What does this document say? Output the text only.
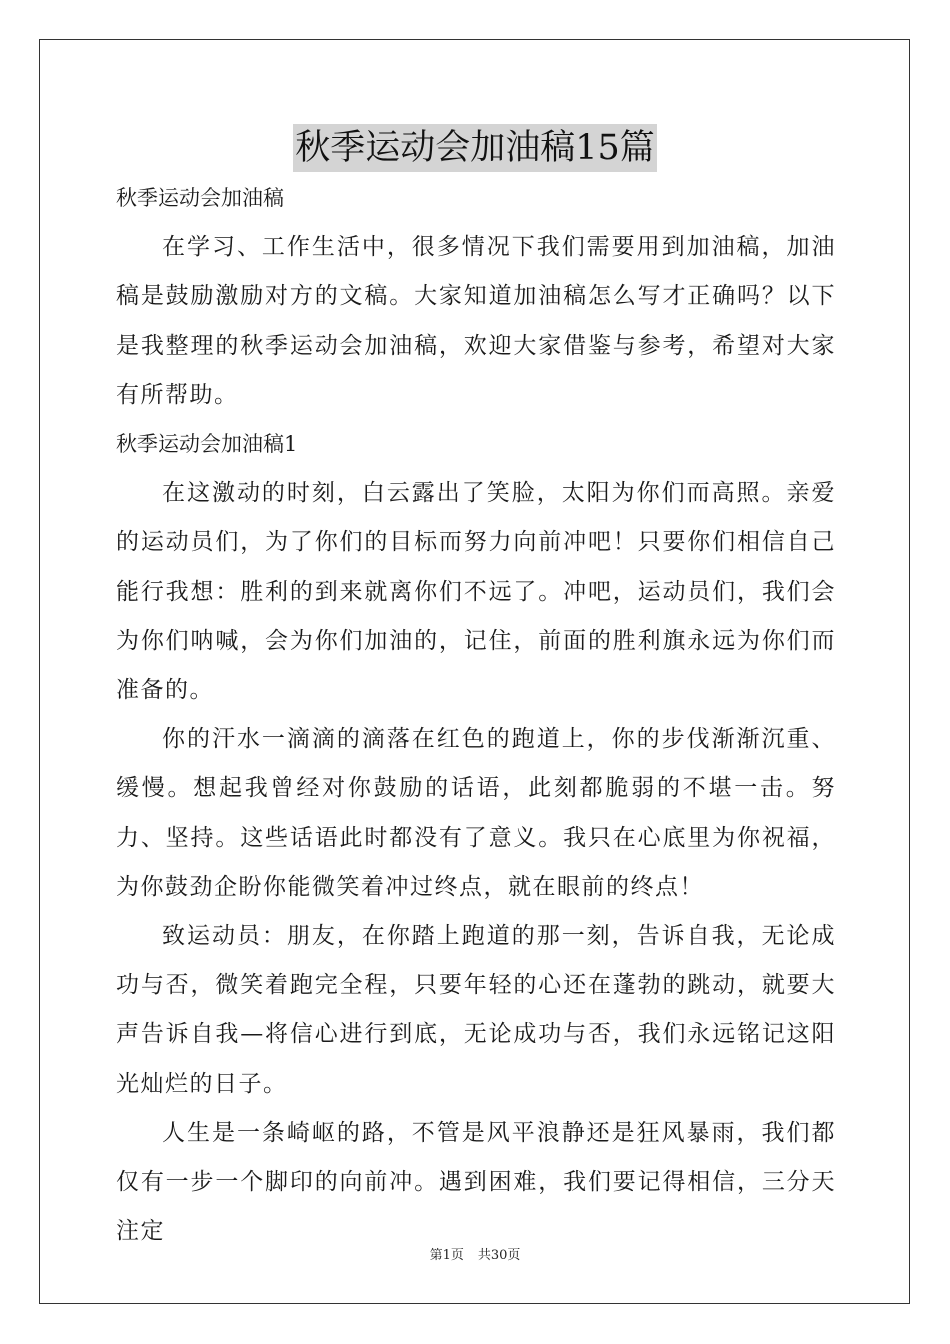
秋季运动会加油稿15篇

秋季运动会加油稿

在学习、工作生活中，很多情况下我们需要用到加油稿，加油稿是鼓励激励对方的文稿。大家知道加油稿怎么写才正确吗？以下是我整理的秋季运动会加油稿，欢迎大家借鉴与参考，希望对大家有所帮助。

秋季运动会加油稿1

在这激动的时刻，白云露出了笑脸，太阳为你们而高照。亲爱的运动员们，为了你们的目标而努力向前冲吧！只要你们相信自己能行我想：胜利的到来就离你们不远了。冲吧，运动员们，我们会为你们呐喊，会为你们加油的，记住，前面的胜利旗永远为你们而准备的。

你的汗水一滴滴的滴落在红色的跑道上，你的步伐渐渐沉重、缓慢。想起我曾经对你鼓励的话语，此刻都脆弱的不堪一击。努力、坚持。这些话语此时都没有了意义。我只在心底里为你祝福，为你鼓劲企盼你能微笑着冲过终点，就在眼前的终点！

致运动员：朋友，在你踏上跑道的那一刻，告诉自我，无论成功与否，微笑着跑完全程，只要年轻的心还在蓬勃的跳动，就要大声告诉自我—将信心进行到底，无论成功与否，我们永远铭记这阳光灿烂的日子。

人生是一条崎岖的路，不管是风平浪静还是狂风暴雨，我们都仅有一步一个脚印的向前冲。遇到困难，我们要记得相信，三分天注定

第1页 共30页
